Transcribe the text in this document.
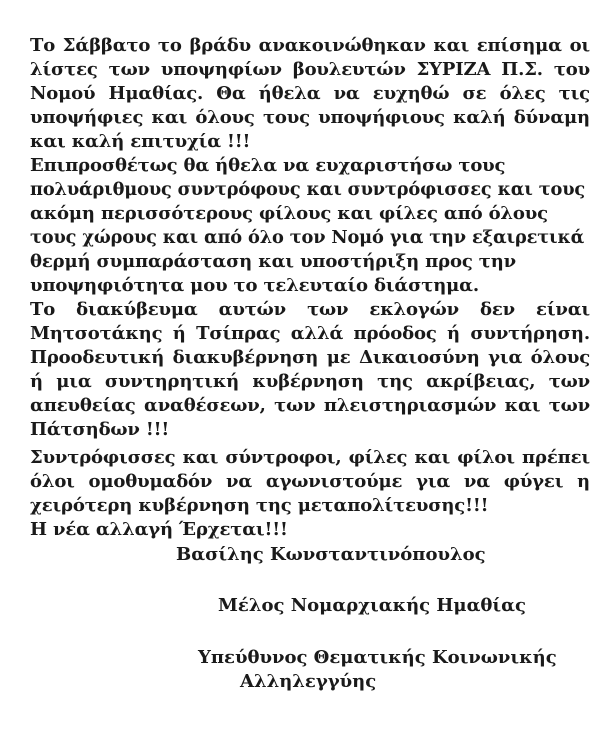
Το Σάββατο το βράδυ ανακοινώθηκαν και επίσημα οι
λίστες των υποψηφίων βουλευτών ΣΥΡΙΖΑ Π.Σ. του
Νομού Ημαθίας. Θα ήθελα να ευχηθώ σε όλες τις
υποψήφιες και όλους τους υποψήφιους καλή δύναμη
και καλή επιτυχία !!!
Επιπροσθέτως θα ήθελα να ευχαριστήσω τους
πολυάριθμους συντρόφους και συντρόφισσες και τους
ακόμη περισσότερους φίλους και φίλες από όλους
τους χώρους και από όλο τον Νομό για την εξαιρετικά
θερμή συμπαράσταση και υποστήριξη προς την
υποψηφιότητα μου το τελευταίο διάστημα.
Το διακύβευμα αυτών των εκλογών δεν είναι
Μητσοτάκης ή Τσίπρας αλλά πρόοδος ή συντήρηση.
Προοδευτική διακυβέρνηση με Δικαιοσύνη για όλους
ή μια συντηρητική κυβέρνηση της ακρίβειας, των
απευθείας αναθέσεων, των πλειστηριασμών και των
Πάτσηδων !!!
Συντρόφισσες και σύντροφοι, φίλες και φίλοι πρέπει
όλοι ομοθυμαδόν να αγωνιστούμε για να φύγει η
χειρότερη κυβέρνηση της μεταπολίτευσης!!!
Η νέα αλλαγή Έρχεται!!!
Βασίλης Κωνσταντινόπουλος
Μέλος Νομαρχιακής Ημαθίας
Υπεύθυνος Θεματικής Κοινωνικής
Αλληλεγγύης
